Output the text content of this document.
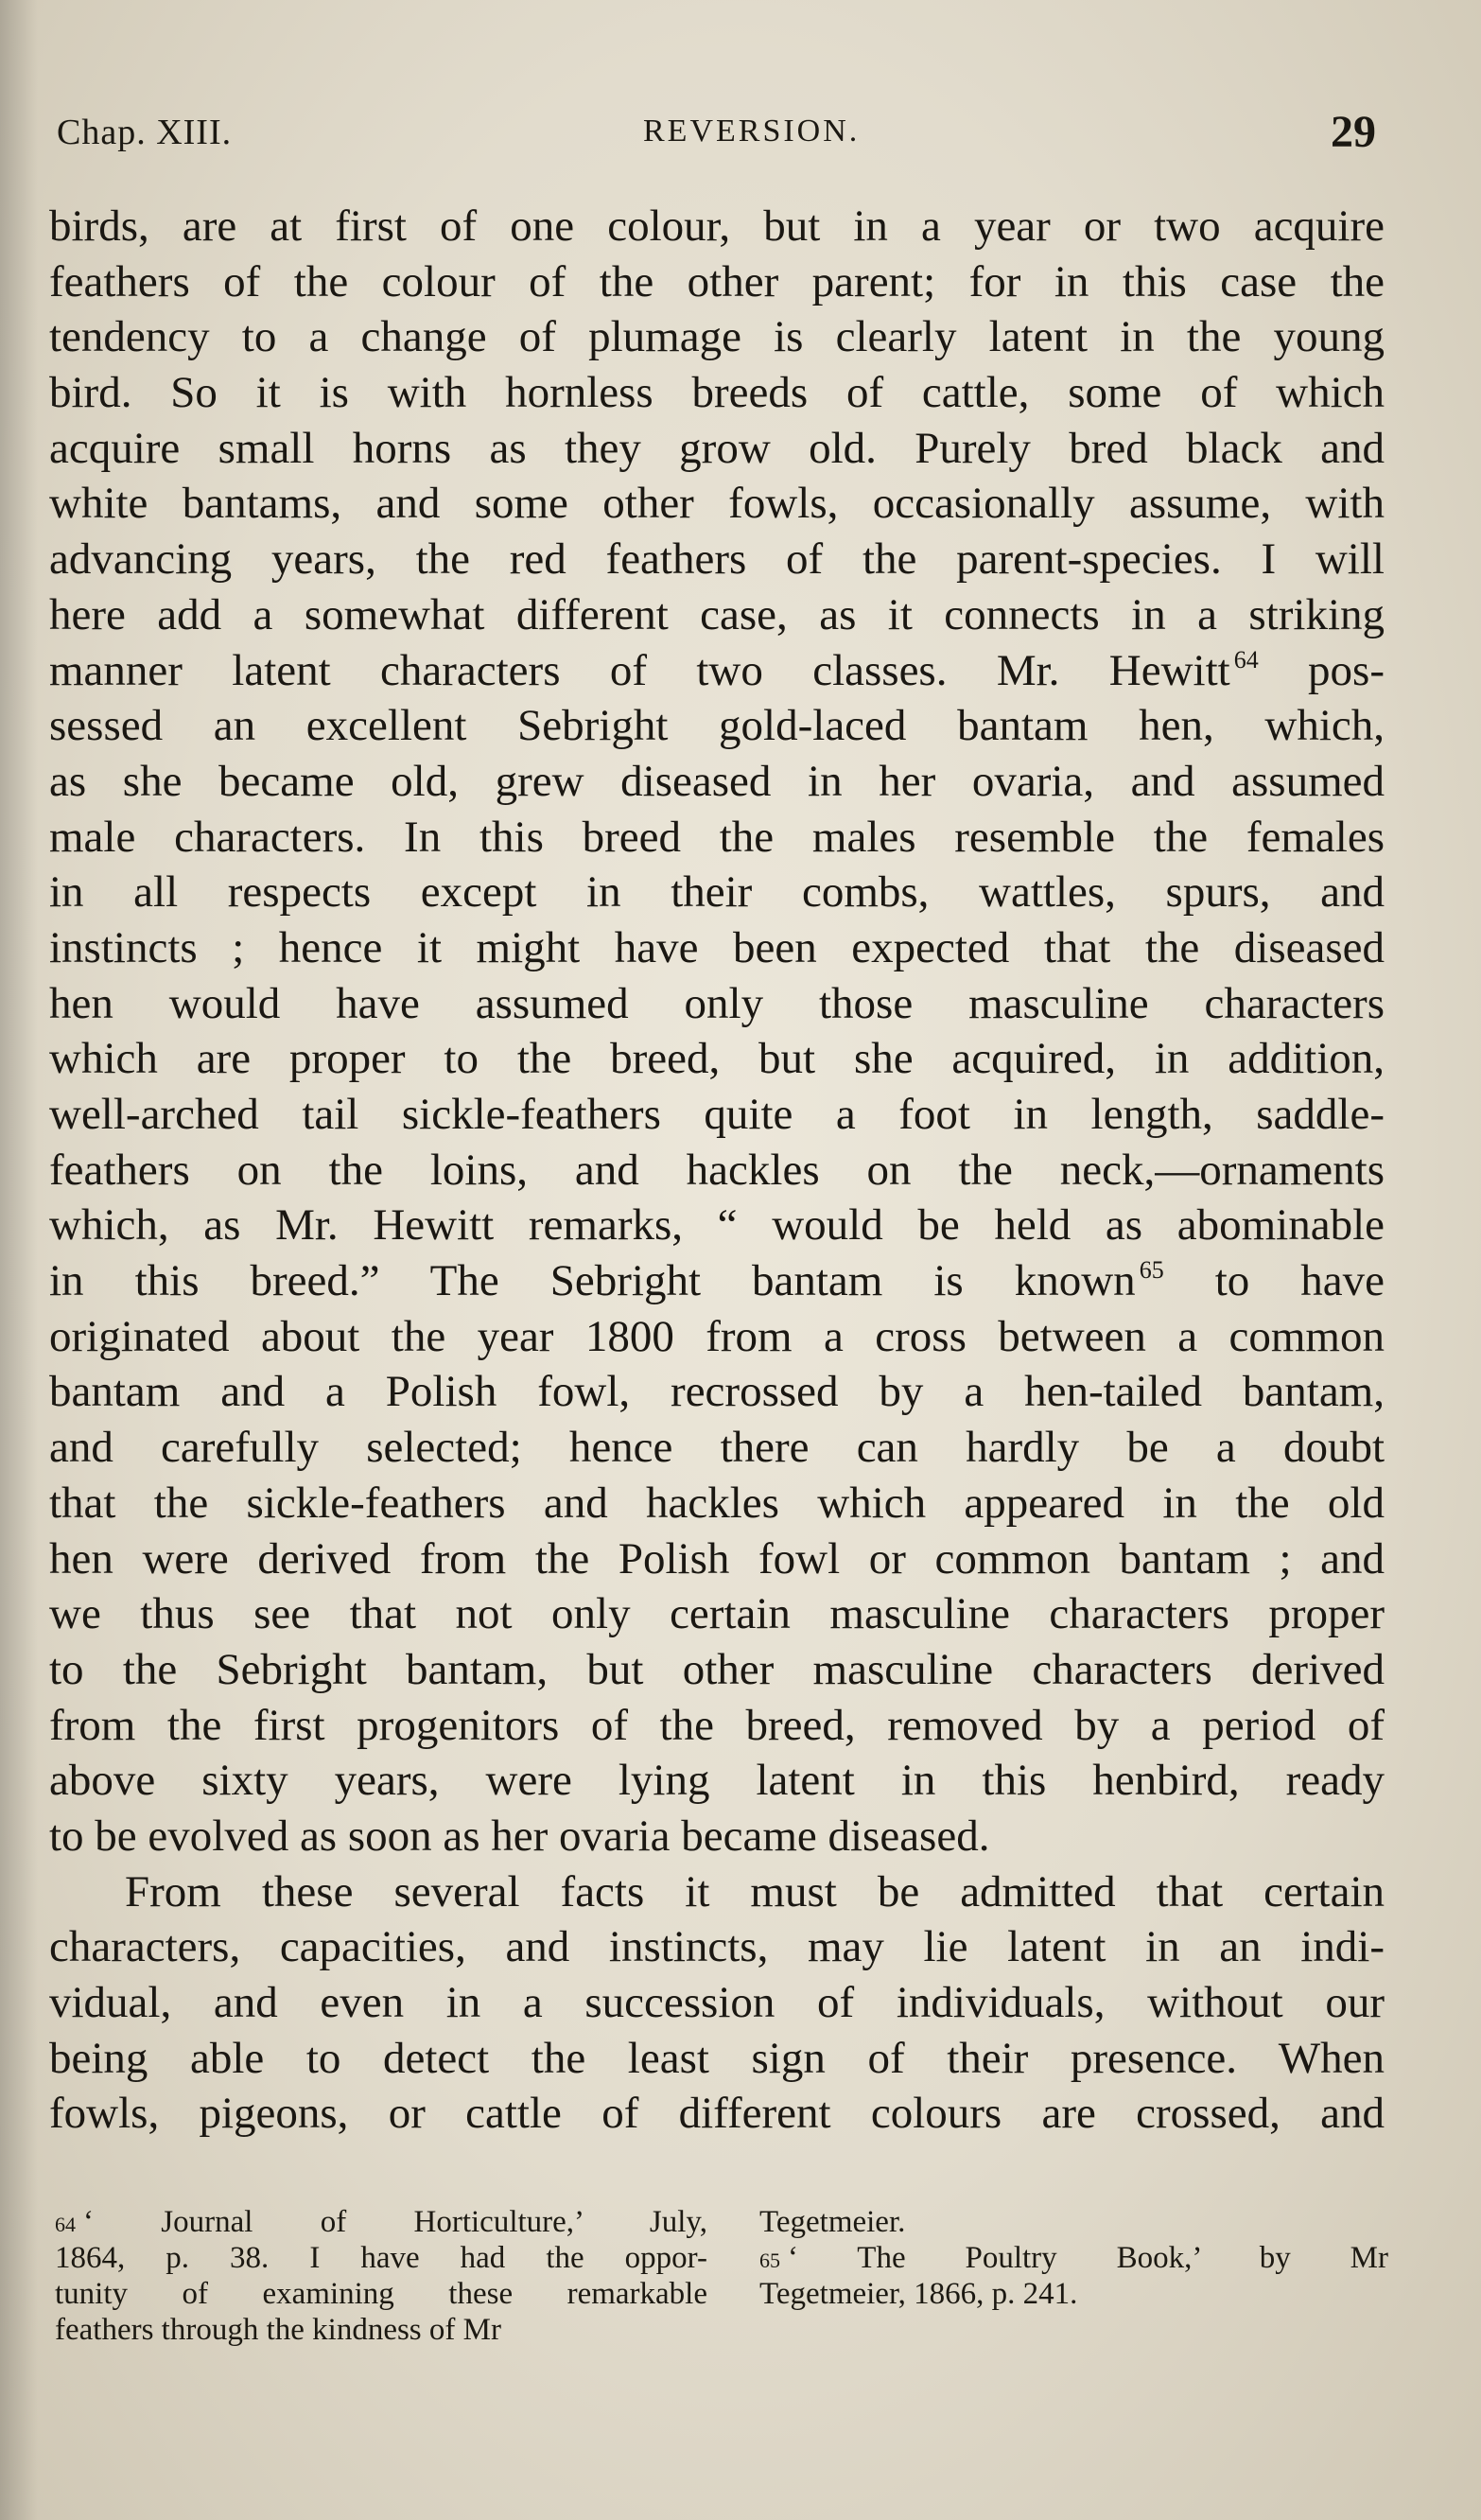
Chap. XIII.	REVERSION.	29
birds, are at first of one colour, but in a year or two acquire
feathers of the colour of the other parent; for in this case the
tendency to a change of plumage is clearly latent in the young
bird. So it is with hornless breeds of cattle, some of which
acquire small horns as they grow old. Purely bred black and
white bantams, and some other fowls, occasionally assume, with
advancing years, the red feathers of the parent-species. I will
here add a somewhat different case, as it connects in a striking
manner latent characters of two classes. Mr. Hewitt $^{64}$ pos-
sessed an excellent Sebright gold-laced bantam hen, which,
as she became old, grew diseased in her ovaria, and assumed
male characters. In this breed the males resemble the females
in all respects except in their combs, wattles, spurs, and
instincts ; hence it might have been expected that the diseased
hen would have assumed only those masculine characters
which are proper to the breed, but she acquired, in addition,
well-arched tail sickle-feathers quite a foot in length, saddle-
feathers on the loins, and hackles on the neck,—ornaments
which, as Mr. Hewitt remarks, “ would be held as abominable
in this breed.” The Sebright bantam is known $^{65}$ to have
originated about the year 1800 from a cross between a common
bantam and a Polish fowl, recrossed by a hen-tailed bantam,
and carefully selected; hence there can hardly be a doubt
that the sickle-feathers and hackles which appeared in the old
hen were derived from the Polish fowl or common bantam ; and
we thus see that not only certain masculine characters proper
to the Sebright bantam, but other masculine characters derived
from the first progenitors of the breed, removed by a period of
above sixty years, were lying latent in this henbird, ready
to be evolved as soon as her ovaria became diseased.
From these several facts it must be admitted that certain
characters, capacities, and instincts, may lie latent in an indi-
vidual, and even in a succession of individuals, without our
being able to detect the least sign of their presence. When
fowls, pigeons, or cattle of different colours are crossed, and
64 ‘ Journal of Horticulture,’ July,
1864, p. 38. I have had the oppor-
tunity of examining these remarkable
feathers through the kindness of Mr
Tegetmeier.
65 ‘ The Poultry Book,’ by Mr
Tegetmeier, 1866, p. 241.
